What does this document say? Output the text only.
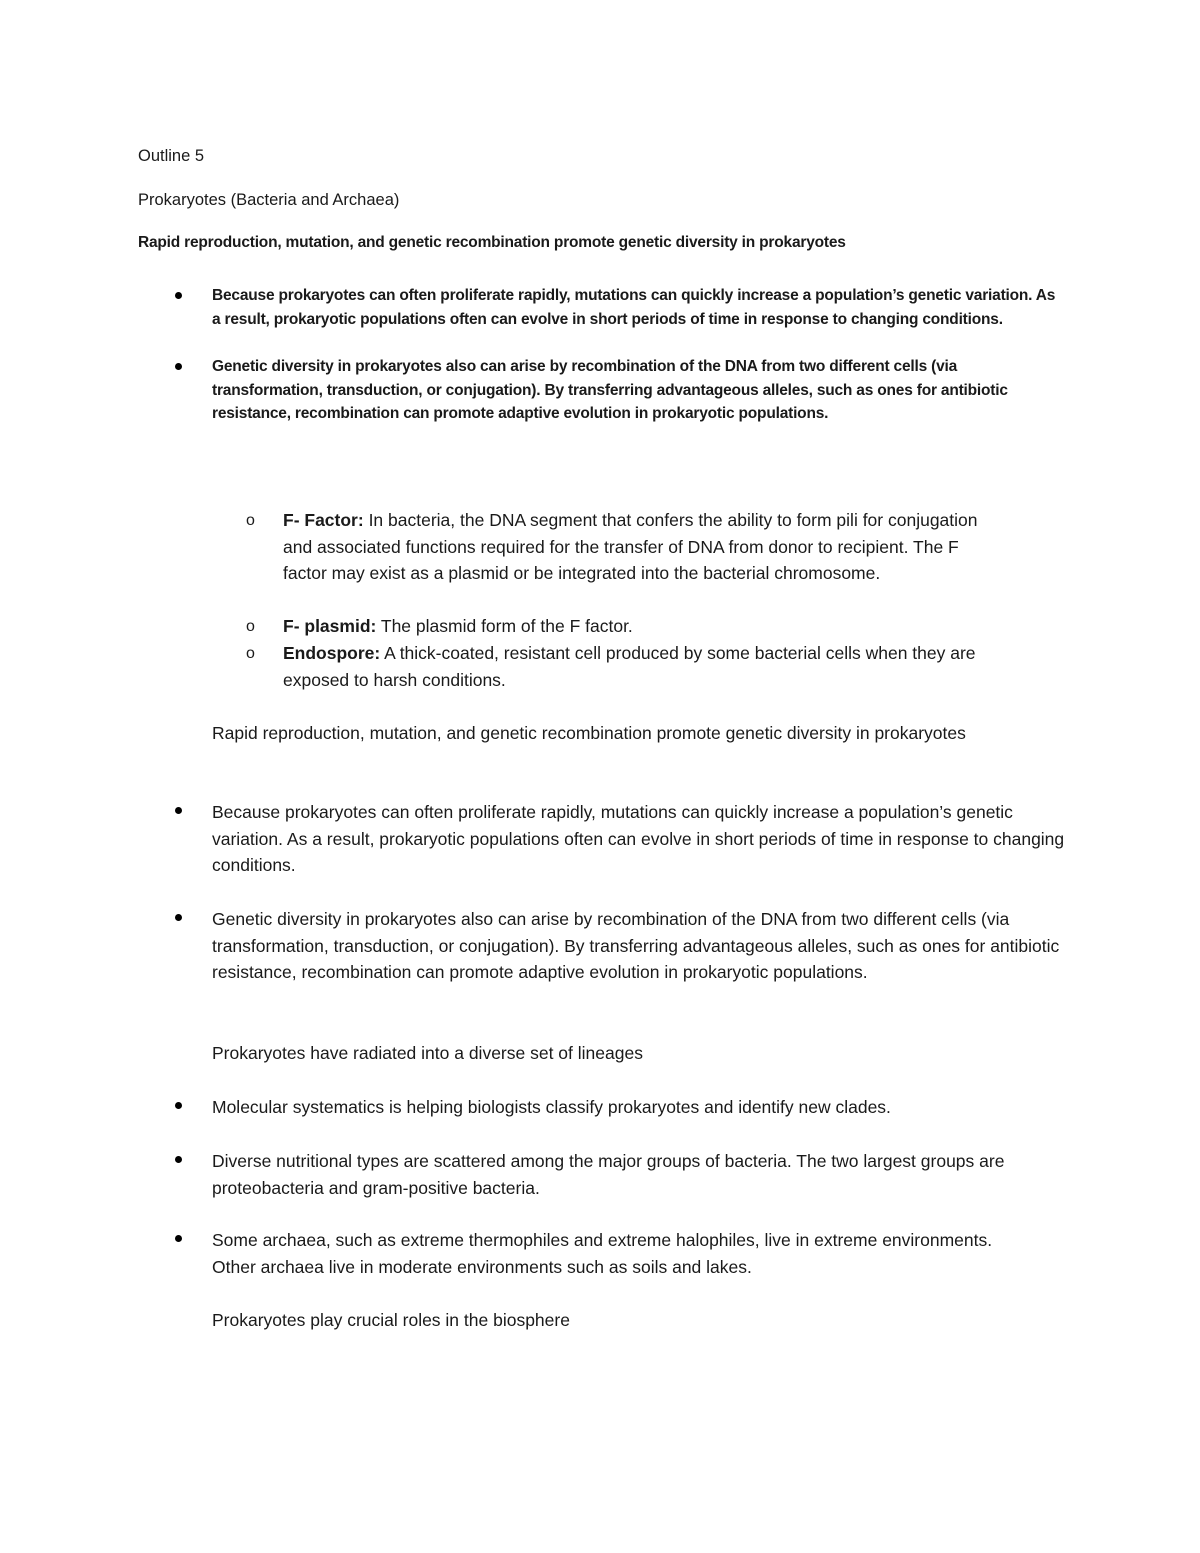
Outline 5

Prokaryotes (Bacteria and Archaea)

Rapid reproduction, mutation, and genetic recombination promote genetic diversity in prokaryotes

Because prokaryotes can often proliferate rapidly, mutations can quickly increase a population’s genetic variation. As a result, prokaryotic populations often can evolve in short periods of time in response to changing conditions.

Genetic diversity in prokaryotes also can arise by recombination of the DNA from two different cells (via transformation, transduction, or conjugation). By transferring advantageous alleles, such as ones for antibiotic resistance, recombination can promote adaptive evolution in prokaryotic populations.

o F- Factor: In bacteria, the DNA segment that confers the ability to form pili for conjugation and associated functions required for the transfer of DNA from donor to recipient. The F factor may exist as a plasmid or be integrated into the bacterial chromosome.

o F- plasmid: The plasmid form of the F factor.

o Endospore: A thick-coated, resistant cell produced by some bacterial cells when they are exposed to harsh conditions.

Rapid reproduction, mutation, and genetic recombination promote genetic diversity in prokaryotes

Because prokaryotes can often proliferate rapidly, mutations can quickly increase a population’s genetic variation. As a result, prokaryotic populations often can evolve in short periods of time in response to changing conditions.

Genetic diversity in prokaryotes also can arise by recombination of the DNA from two different cells (via transformation, transduction, or conjugation). By transferring advantageous alleles, such as ones for antibiotic resistance, recombination can promote adaptive evolution in prokaryotic populations.

Prokaryotes have radiated into a diverse set of lineages

Molecular systematics is helping biologists classify prokaryotes and identify new clades.

Diverse nutritional types are scattered among the major groups of bacteria. The two largest groups are proteobacteria and gram-positive bacteria.

Some archaea, such as extreme thermophiles and extreme halophiles, live in extreme environments. Other archaea live in moderate environments such as soils and lakes.

Prokaryotes play crucial roles in the biosphere
